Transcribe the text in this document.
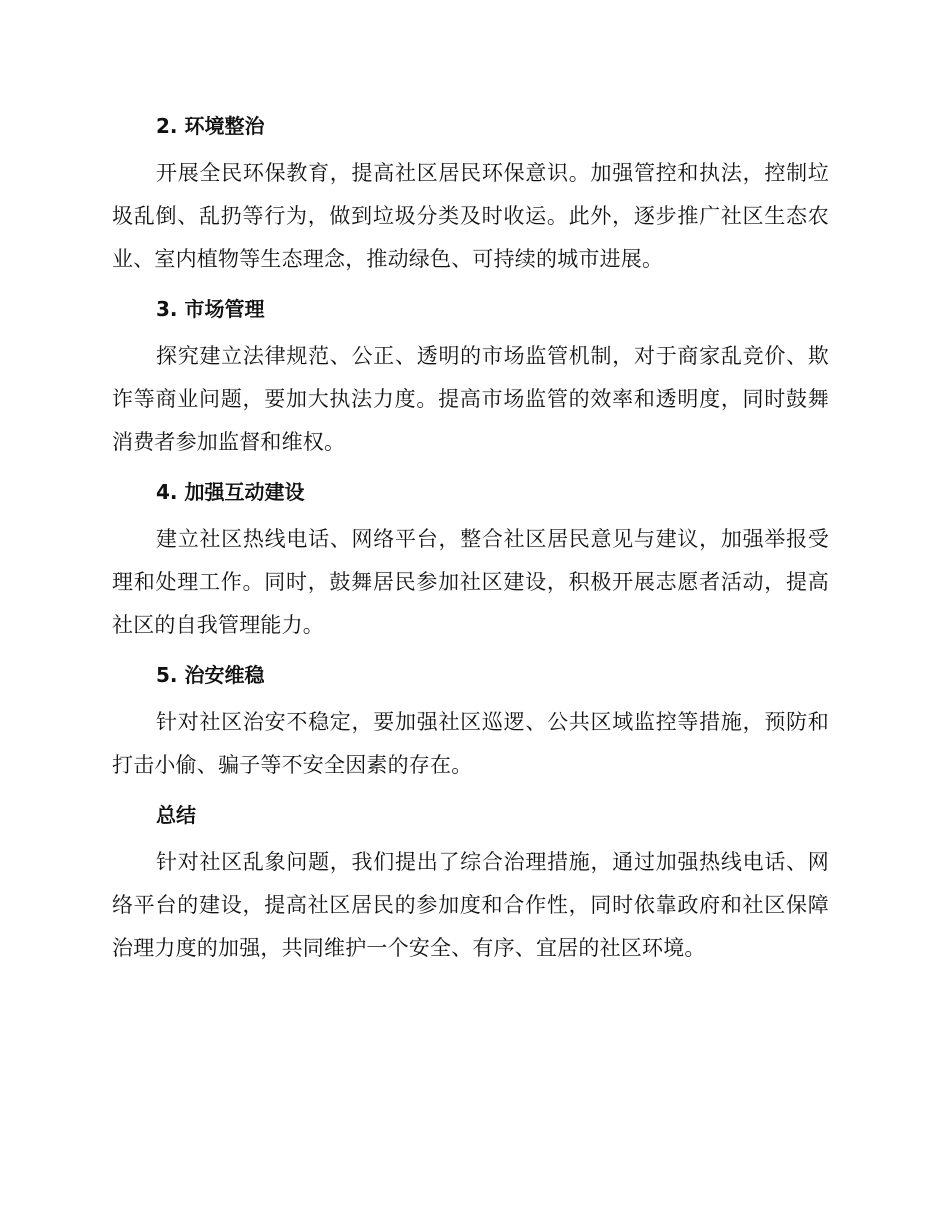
2. 环境整治

开展全民环保教育，提高社区居民环保意识。加强管控和执法，控制垃圾乱倒、乱扔等行为，做到垃圾分类及时收运。此外，逐步推广社区生态农业、室内植物等生态理念，推动绿色、可持续的城市进展。

3. 市场管理

探究建立法律规范、公正、透明的市场监管机制，对于商家乱竞价、欺诈等商业问题，要加大执法力度。提高市场监管的效率和透明度，同时鼓舞消费者参加监督和维权。

4. 加强互动建设

建立社区热线电话、网络平台，整合社区居民意见与建议，加强举报受理和处理工作。同时，鼓舞居民参加社区建设，积极开展志愿者活动，提高社区的自我管理能力。

5. 治安维稳

针对社区治安不稳定，要加强社区巡逻、公共区域监控等措施，预防和打击小偷、骗子等不安全因素的存在。

总结

针对社区乱象问题，我们提出了综合治理措施，通过加强热线电话、网络平台的建设，提高社区居民的参加度和合作性，同时依靠政府和社区保障治理力度的加强，共同维护一个安全、有序、宜居的社区环境。
